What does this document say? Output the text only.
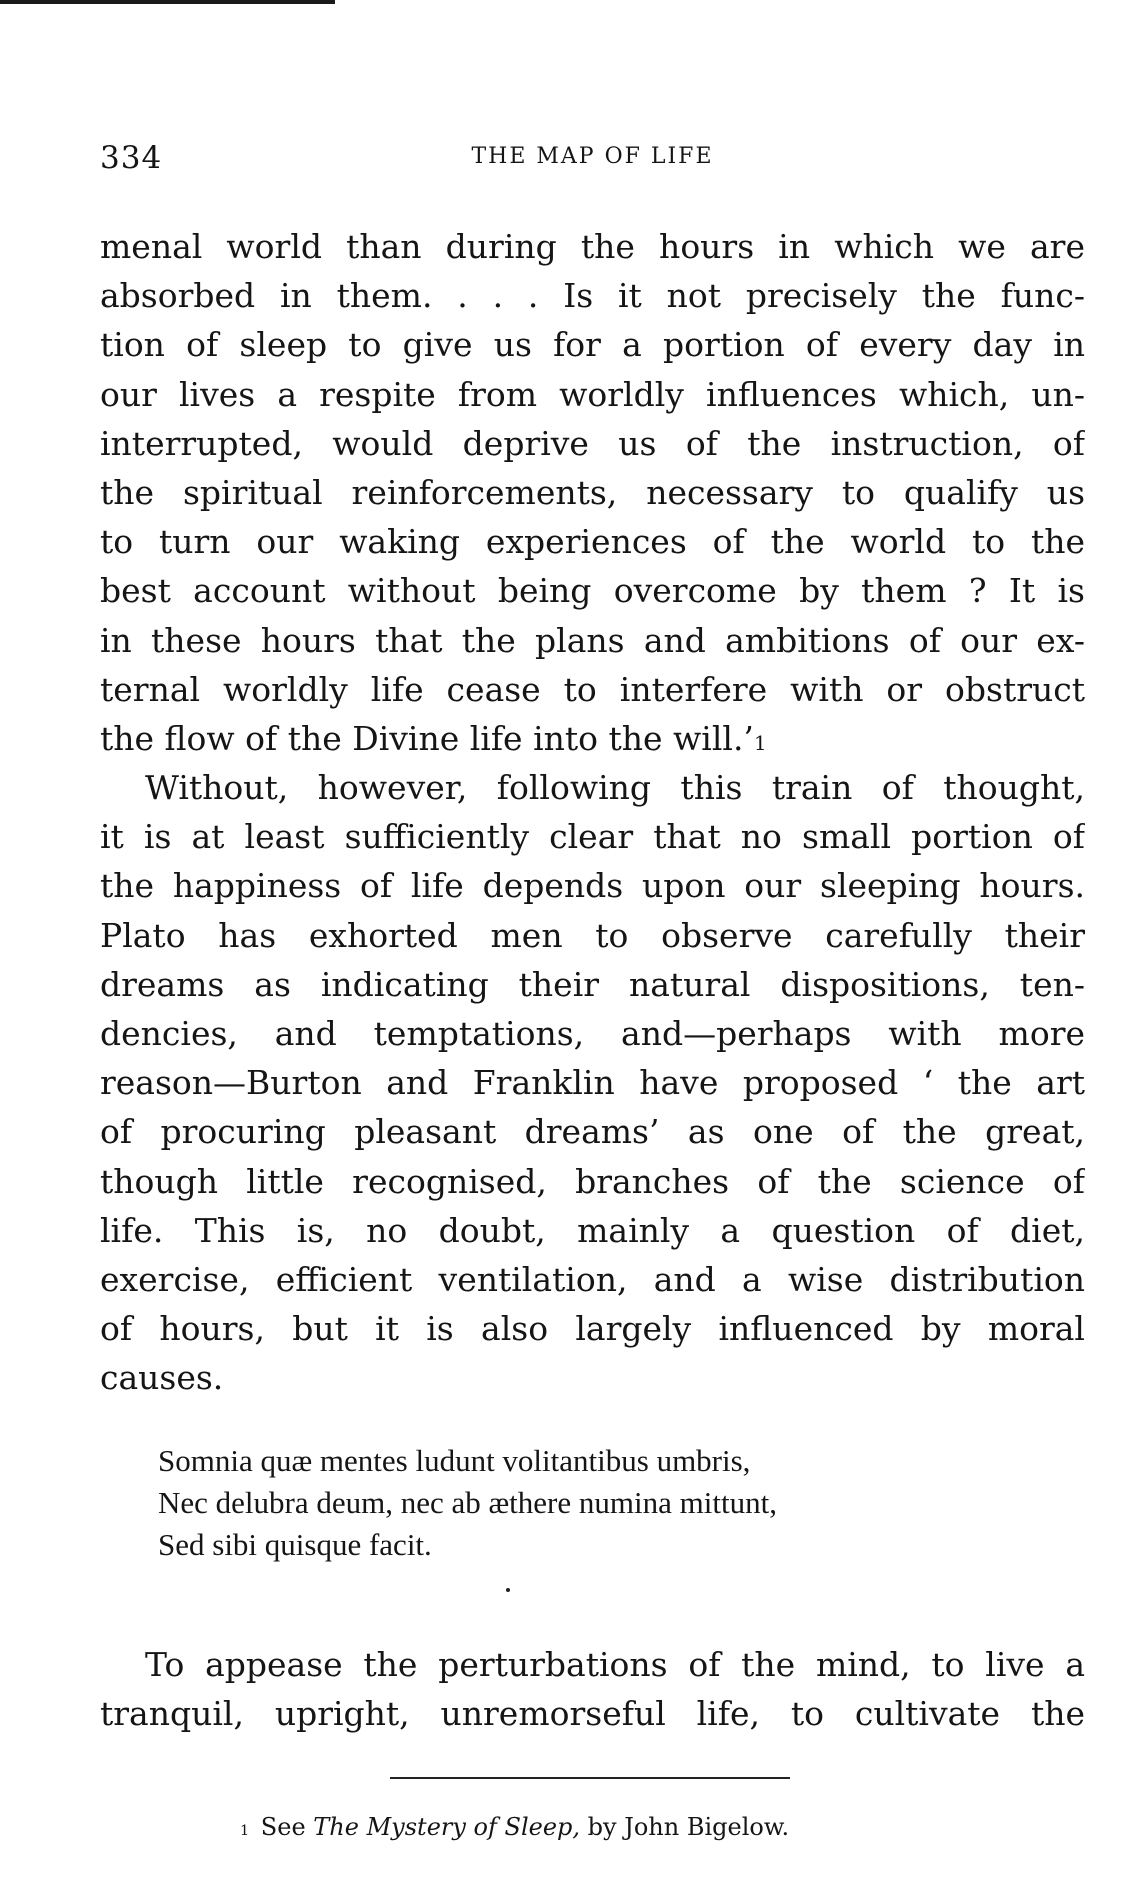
334	THE MAP OF LIFE
menal world than during the hours in which we are
absorbed in them. . . . Is it not precisely the func-
tion of sleep to give us for a portion of every day in
our lives a respite from worldly influences which, un-
interrupted, would deprive us of the instruction, of
the spiritual reinforcements, necessary to qualify us
to turn our waking experiences of the world to the
best account without being overcome by them ? It is
in these hours that the plans and ambitions of our ex-
ternal worldly life cease to interfere with or obstruct
the flow of the Divine life into the will.’$^1$
Without, however, following this train of thought,
it is at least sufficiently clear that no small portion of
the happiness of life depends upon our sleeping hours.
Plato has exhorted men to observe carefully their
dreams as indicating their natural dispositions, ten-
dencies, and temptations, and—perhaps with more
reason—Burton and Franklin have proposed ‘ the art
of procuring pleasant dreams’ as one of the great,
though little recognised, branches of the science of
life. This is, no doubt, mainly a question of diet,
exercise, efficient ventilation, and a wise distribution
of hours, but it is also largely influenced by moral
causes.
Somnia quæ mentes ludunt volitantibus umbris,
Nec delubra deum, nec ab æthere numina mittunt,
Sed sibi quisque facit.
To appease the perturbations of the mind, to live a
tranquil, upright, unremorseful life, to cultivate the
$^1$ See The Mystery of Sleep, by John Bigelow.
